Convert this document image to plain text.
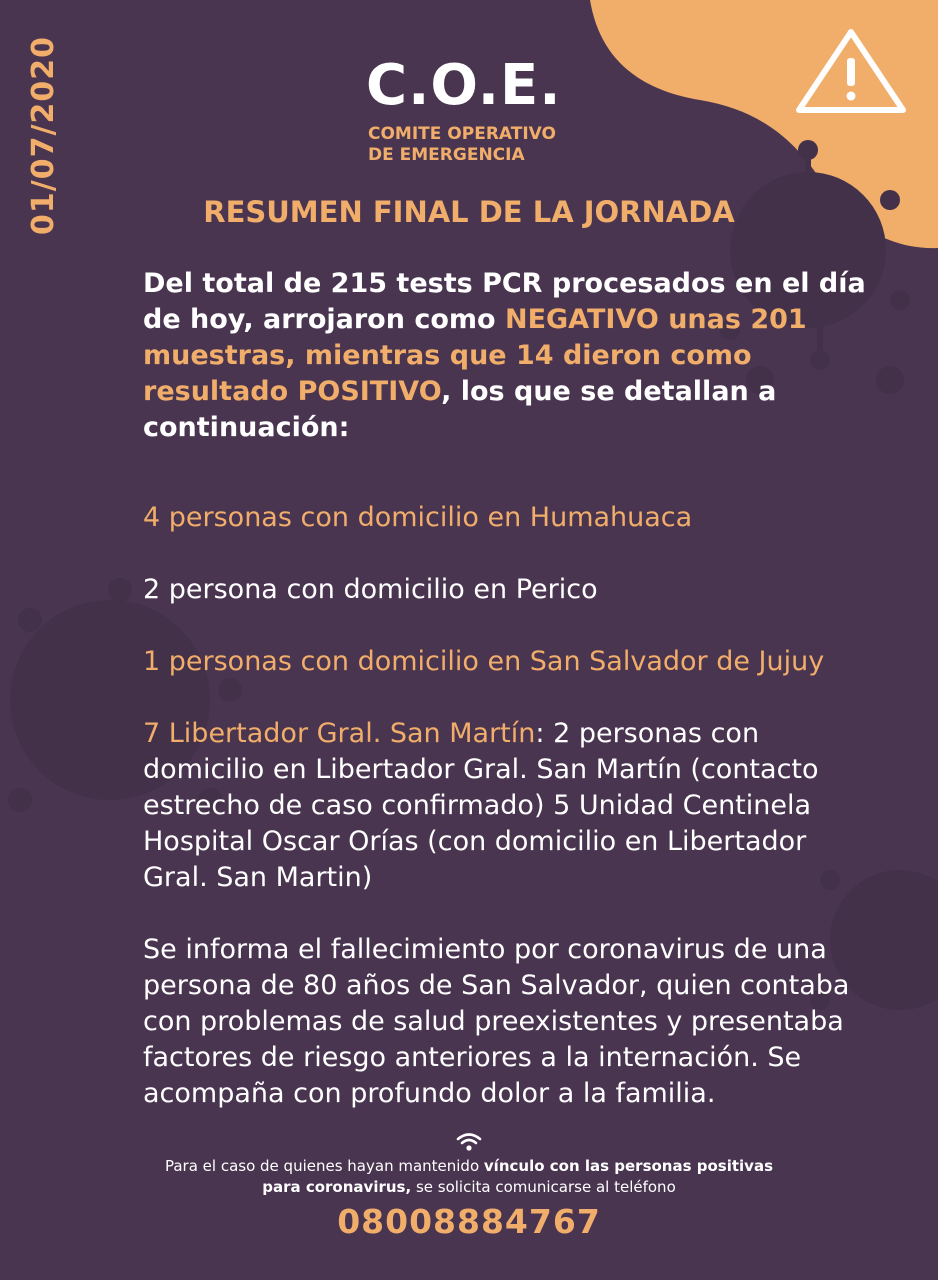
01/07/2020	C.O.E.
COMITE OPERATIVO
DE EMERGENCIA
RESUMEN FINAL DE LA JORNADA

Del total de 215 tests PCR procesados en el día de hoy, arrojaron como NEGATIVO unas 201 muestras, mientras que 14 dieron como resultado POSITIVO, los que se detallan a continuación:

4 personas con domicilio en Humahuaca

2 persona con domicilio en Perico

1 personas con domicilio en San Salvador de Jujuy

7 Libertador Gral. San Martín: 2 personas con domicilio en Libertador Gral. San Martín (contacto estrecho de caso confirmado) 5 Unidad Centinela Hospital Oscar Orías (con domicilio en Libertador Gral. San Martin)

Se informa el fallecimiento por coronavirus de una persona de 80 años de San Salvador, quien contaba con problemas de salud preexistentes y presentaba factores de riesgo anteriores a la internación. Se acompaña con profundo dolor a la familia.

Para el caso de quienes hayan mantenido vínculo con las personas positivas para coronavirus, se solicita comunicarse al teléfono
08008884767
